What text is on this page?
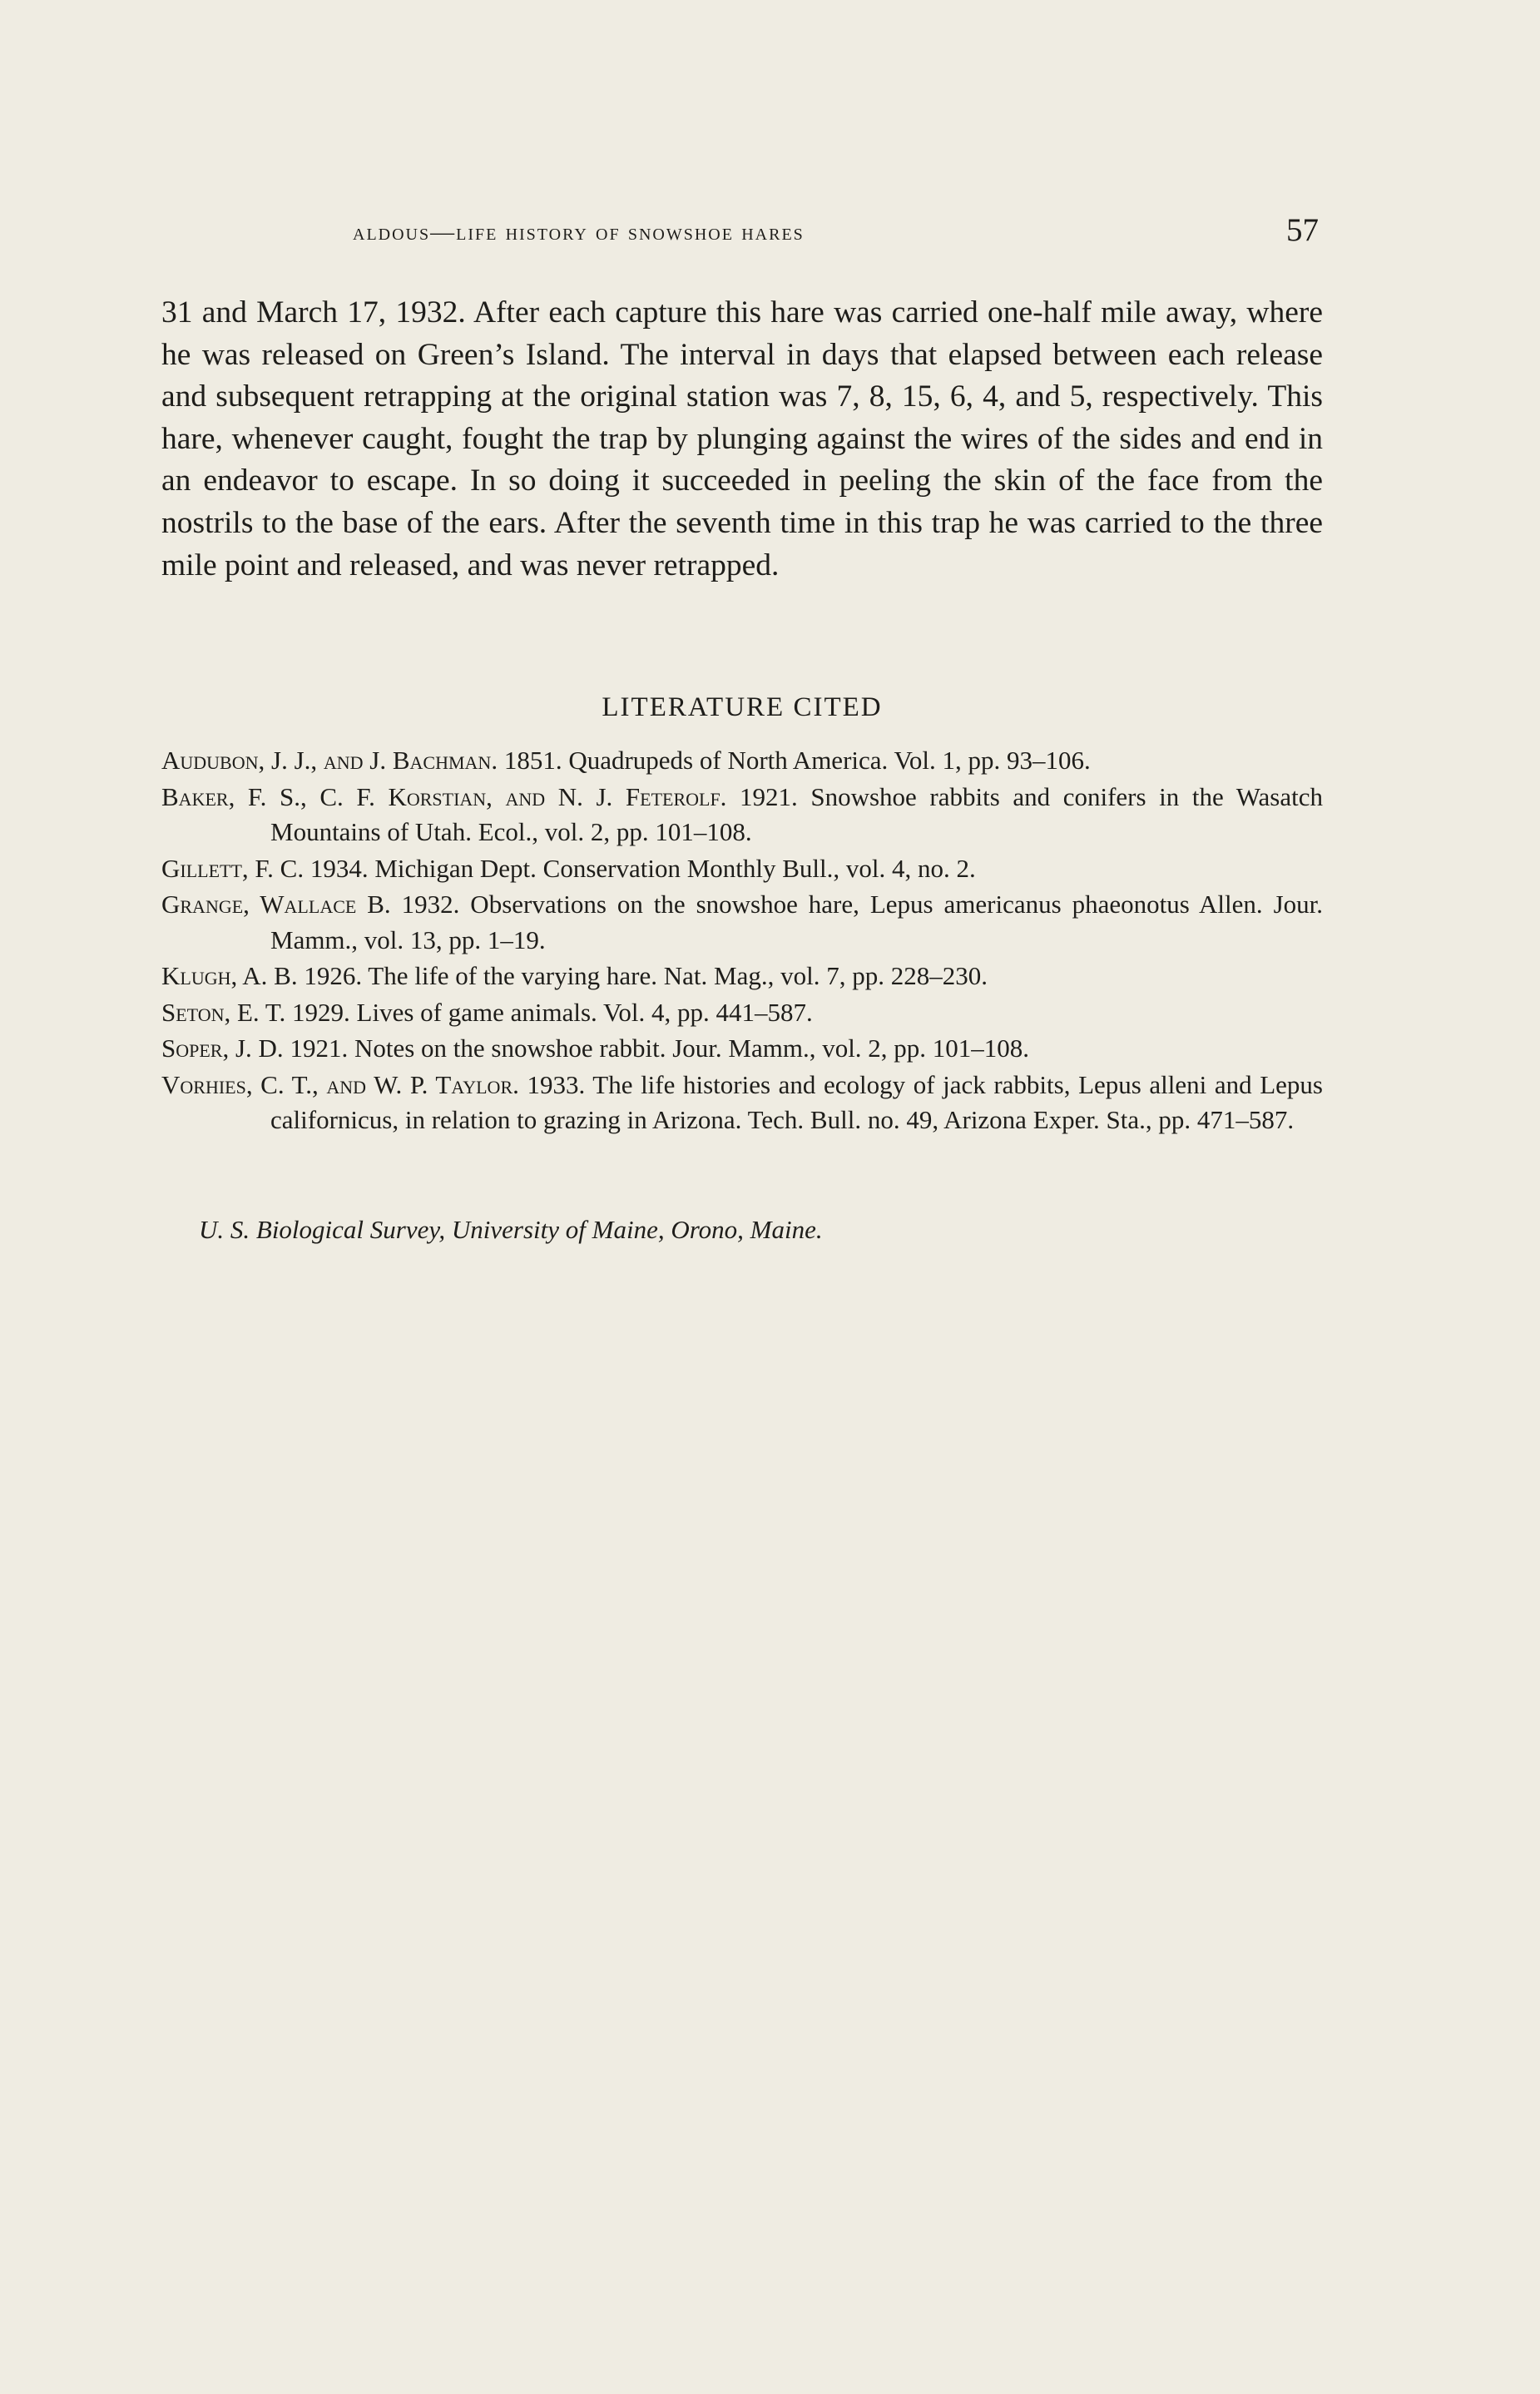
aldous—life history of snowshoe hares	57

31 and March 17, 1932. After each capture this hare was carried one-half mile away, where he was released on Green’s Island. The interval in days that elapsed between each release and subsequent retrapping at the original station was 7, 8, 15, 6, 4, and 5, respectively. This hare, whenever caught, fought the trap by plunging against the wires of the sides and end in an endeavor to escape. In so doing it succeeded in peeling the skin of the face from the nostrils to the base of the ears. After the seventh time in this trap he was carried to the three mile point and released, and was never retrapped.

LITERATURE CITED

Audubon, J. J., and J. Bachman. 1851. Quadrupeds of North America. Vol. 1, pp. 93–106.

Baker, F. S., C. F. Korstian, and N. J. Feterolf. 1921. Snowshoe rabbits and conifers in the Wasatch Mountains of Utah. Ecol., vol. 2, pp. 101–108.

Gillett, F. C. 1934. Michigan Dept. Conservation Monthly Bull., vol. 4, no. 2.

Grange, Wallace B. 1932. Observations on the snowshoe hare, Lepus americanus phaeonotus Allen. Jour. Mamm., vol. 13, pp. 1–19.

Klugh, A. B. 1926. The life of the varying hare. Nat. Mag., vol. 7, pp. 228–230.

Seton, E. T. 1929. Lives of game animals. Vol. 4, pp. 441–587.

Soper, J. D. 1921. Notes on the snowshoe rabbit. Jour. Mamm., vol. 2, pp. 101–108.

Vorhies, C. T., and W. P. Taylor. 1933. The life histories and ecology of jack rabbits, Lepus alleni and Lepus californicus, in relation to grazing in Arizona. Tech. Bull. no. 49, Arizona Exper. Sta., pp. 471–587.

U. S. Biological Survey, University of Maine, Orono, Maine.
